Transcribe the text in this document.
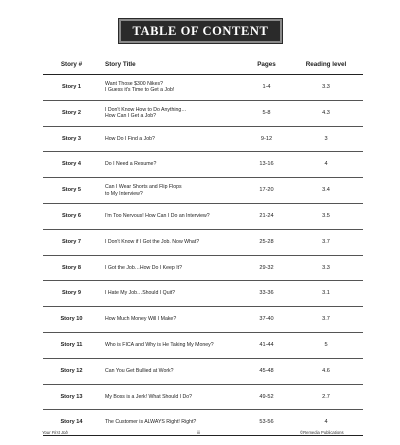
TABLE OF CONTENT
Story #	Story Title	Pages	Reading level
Story 1	Want Those $300 Nikes?
I Guess it's Time to Get a Job!	1-4	3.3
Story 2	I Don't Know How to Do Anything…
How Can I Get a Job?	5-8	4.3
Story 3	How Do I Find a Job?	9-12	3
Story 4	Do I Need a Resume?	13-16	4
Story 5	Can I Wear Shorts and Flip Flops
to My Interview?	17-20	3.4
Story 6	I'm Too Nervous! How Can I Do an Interview?	21-24	3.5
Story 7	I Don't Know if I Got the Job. Now What?	25-28	3.7
Story 8	I Got the Job…How Do I Keep It?	29-32	3.3
Story 9	I Hate My Job…Should I Quit?	33-36	3.1
Story 10	How Much Money Will I Make?	37-40	3.7
Story 11	Who is FICA and Why is He Taking My Money?	41-44	5
Story 12	Can You Get Bullied at Work?	45-48	4.6
Story 13	My Boss is a Jerk! What Should I Do?	49-52	2.7
Story 14	The Customer is ALWAYS Right! Right?	53-56	4
Your First Job	iii	©Remedia Publications
